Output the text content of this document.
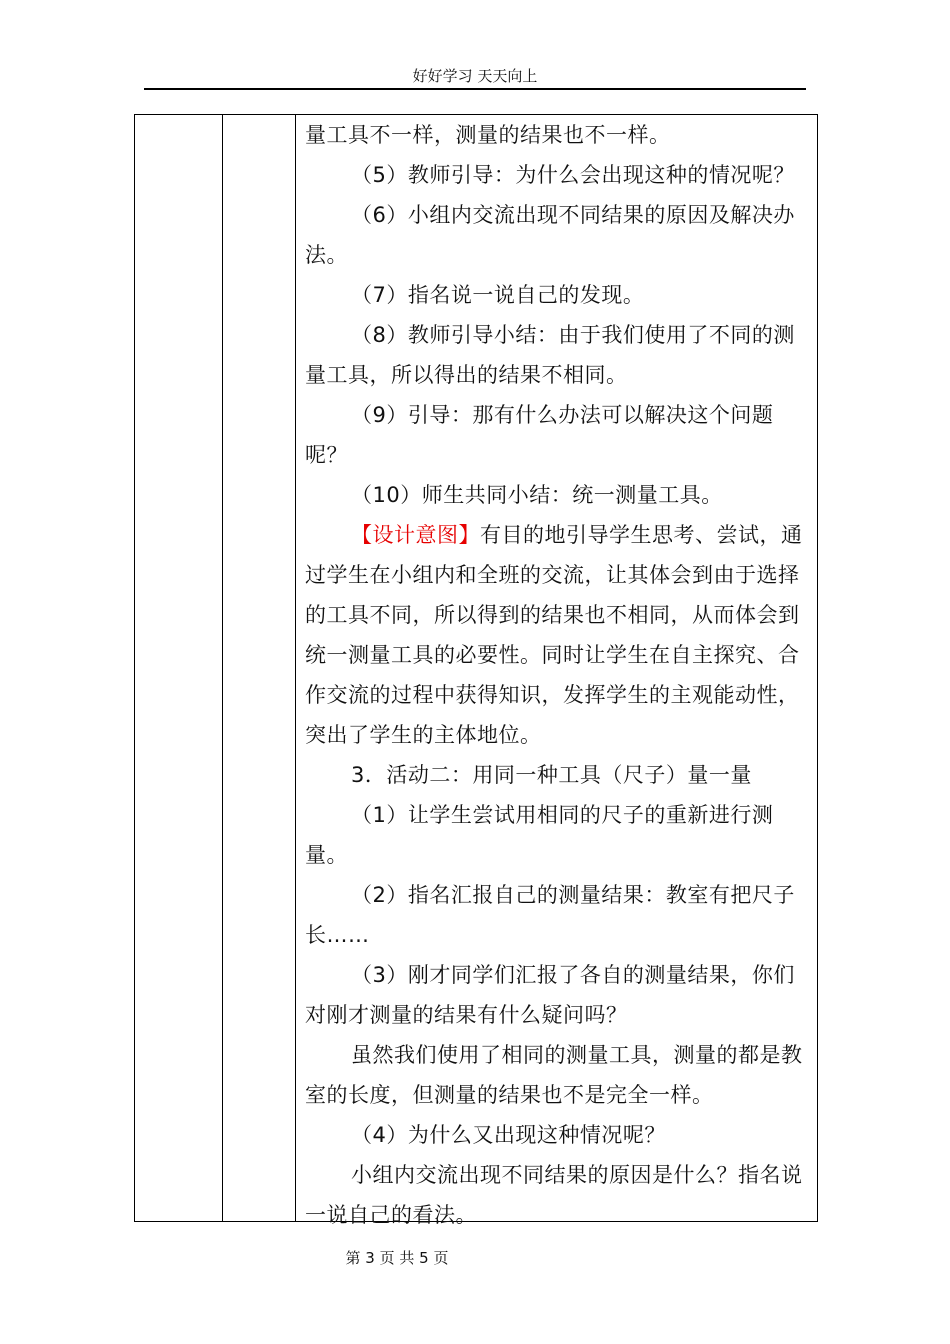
好好学习 天天向上

量工具不一样，测量的结果也不一样。

（5）教师引导：为什么会出现这种的情况呢？

（6）小组内交流出现不同结果的原因及解决办法。

（7）指名说一说自己的发现。

（8）教师引导小结：由于我们使用了不同的测量工具，所以得出的结果不相同。

（9）引导：那有什么办法可以解决这个问题呢？

（10）师生共同小结：统一测量工具。

【设计意图】有目的地引导学生思考、尝试，通过学生在小组内和全班的交流，让其体会到由于选择的工具不同，所以得到的结果也不相同，从而体会到统一测量工具的必要性。同时让学生在自主探究、合作交流的过程中获得知识，发挥学生的主观能动性，突出了学生的主体地位。

3．活动二：用同一种工具（尺子）量一量

（1）让学生尝试用相同的尺子的重新进行测量。

（2）指名汇报自己的测量结果：教室有把尺子长……

（3）刚才同学们汇报了各自的测量结果，你们对刚才测量的结果有什么疑问吗？

虽然我们使用了相同的测量工具，测量的都是教室的长度，但测量的结果也不是完全一样。

（4）为什么又出现这种情况呢？

小组内交流出现不同结果的原因是什么？指名说一说自己的看法。

第 3 页 共 5 页
